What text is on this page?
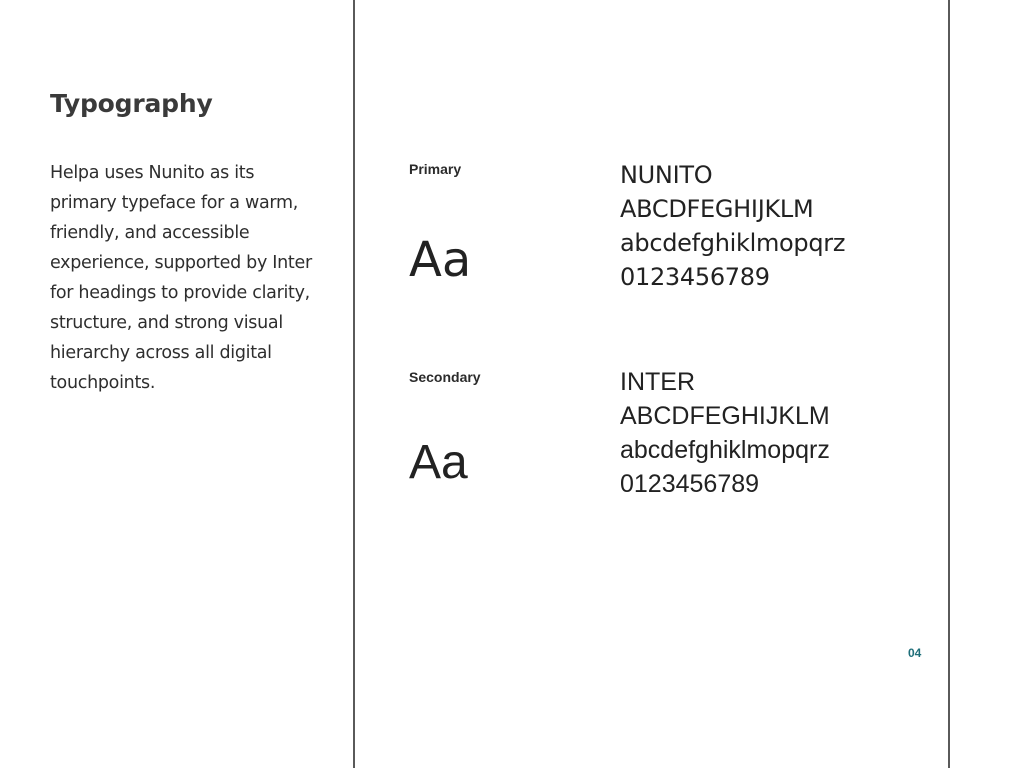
Typography

Helpa uses Nunito as its primary typeface for a warm, friendly, and accessible experience, supported by Inter for headings to provide clarity, structure, and strong visual hierarchy across all digital touchpoints.

Primary
Aa
NUNITO
ABCDFEGHIJKLM
abcdefghiklmopqrz
0123456789
Secondary
Aa
INTER
ABCDFEGHIJKLM
abcdefghiklmopqrz
0123456789
04
